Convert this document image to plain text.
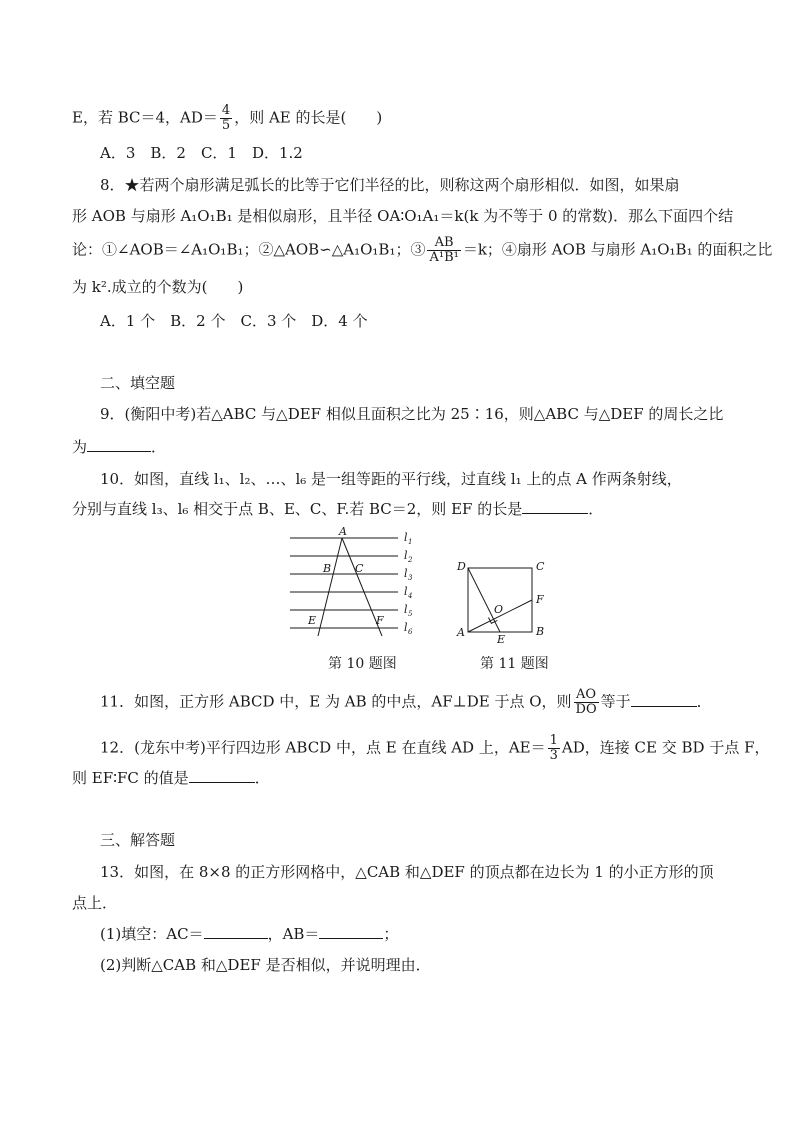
E，若 BC＝4，$AD= \frac{4}{5}$ ，则 AE 的长是(　　)
A．3　B．2　C．1　D．1.2
8．★若两个扇形满足弧长的比等于它们半径的比，则称这两个扇形相似．如图，如果扇
形 AOB 与扇形 A₁O₁B₁ 是相似扇形，且半径 OA∶O₁A₁＝k(k 为不等于 0 的常数)．那么下面四个结
论：①∠AOB＝∠A₁O₁B₁；②△AOB∽△A₁O₁B₁；③ $\frac{AB}{\text{A¹B¹}} =k$；④扇形 AOB 与扇形 A₁O₁B₁ 的面积之比
为 k².成立的个数为(　　)
A．1 个　B．2 个　C．3 个　D．4 个
二、填空题
9．(衡阳中考)若△ABC 与△DEF 相似且面积之比为 25∶16，则△ABC 与△DEF 的周长之比
为	．
10．如图，直线 l₁、l₂、…、l₆ 是一组等距的平行线，过直线 l₁ 上的点 A 作两条射线，
分别与直线 l₃、l₆ 相交于点 B、E、C、F.若 BC＝2，则 EF 的长是	．
A
B C
E	F
l 1
l 2
l 3
l 4
l 5
l 6
第 10 题图
D	C
F
O
A
E
B
第 11 题图
11．如图，正方形 ABCD 中，E 为 AB 的中点，AF⊥DE 于点 O，则 $\frac{AO}{DO}$ 等于	．
12．(龙东中考)平行四边形 ABCD 中，点 E 在直线 AD 上，$AE= \frac{1}{3}$ AD，连接 CE 交 BD 于点 F，
则 EF∶FC 的值是	．
三、解答题
13．如图，在 8×8 的正方形网格中，△CAB 和△DEF 的顶点都在边长为 1 的小正方形的顶
点上．
(1)填空：AC＝	，AB＝	；
(2)判断△CAB 和△DEF 是否相似，并说明理由．
